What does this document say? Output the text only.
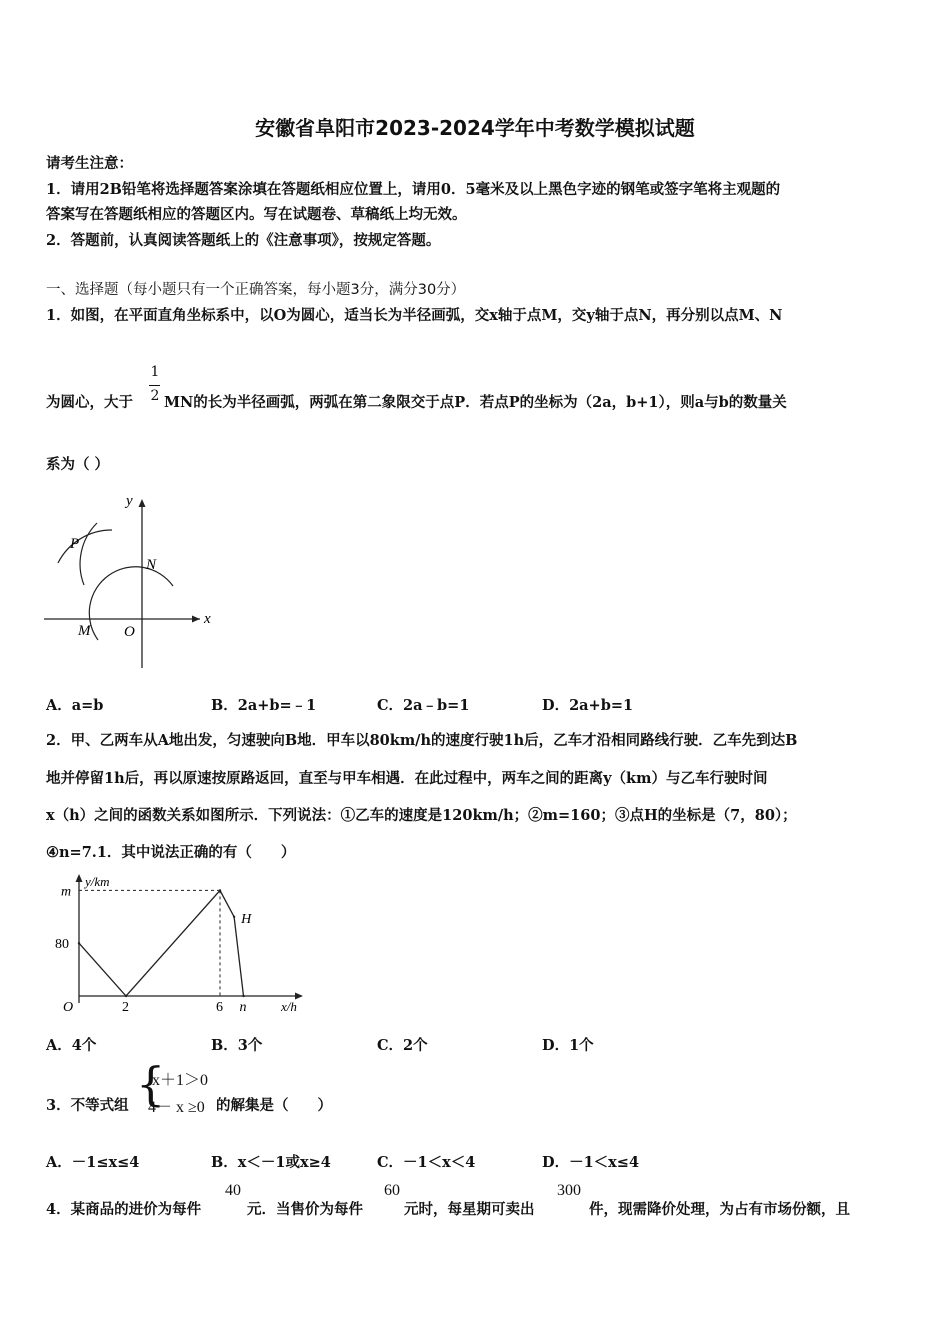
安徽省阜阳市2023-2024学年中考数学模拟试题
请考生注意：
1．请用2B铅笔将选择题答案涂填在答题纸相应位置上，请用0．5毫米及以上黑色字迹的钢笔或签字笔将主观题的
答案写在答题纸相应的答题区内。写在试题卷、草稿纸上均无效。
2．答题前，认真阅读答题纸上的《注意事项》，按规定答题。
一、选择题（每小题只有一个正确答案，每小题3分，满分30分）
1．如图，在平面直角坐标系中，以O为圆心，适当长为半径画弧，交x轴于点M，交y轴于点N，再分别以点M、N
为圆心，大于
1
2 MN的长为半径画弧，两弧在第二象限交于点P．若点P的坐标为（2a，b+1），则a与b的数量关
系为（ ）
y
x
P
N
M O
A．a=b	B．2a+b=﹣1	C．2a﹣b=1	D．2a+b=1
2．甲、乙两车从A地出发，匀速驶向B地．甲车以80km/h的速度行驶1h后，乙车才沿相同路线行驶．乙车先到达B
地并停留1h后，再以原速按原路返回，直至与甲车相遇．在此过程中，两车之间的距离y（km）与乙车行驶时间
x（h）之间的函数关系如图所示．下列说法：①乙车的速度是120km/h；②m=160；③点H的坐标是（7，80）；
④n=7.1．其中说法正确的有（　　）
m
80
O	2	6 n
H
y/km
x/h
A．4个	B．3个	C．2个	D．1个
3．不等式组 {
x＋1＞0
4－ x ≥0 的解集是（　　）
A．－1≤x≤4	B．x＜－1或x≥4	C．－1＜x＜4	D．－1＜x≤4
4．某商品的进价为每件
40
元．当售价为每件
60
元时，每星期可卖出
300
件，现需降价处理，为占有市场份额，且
